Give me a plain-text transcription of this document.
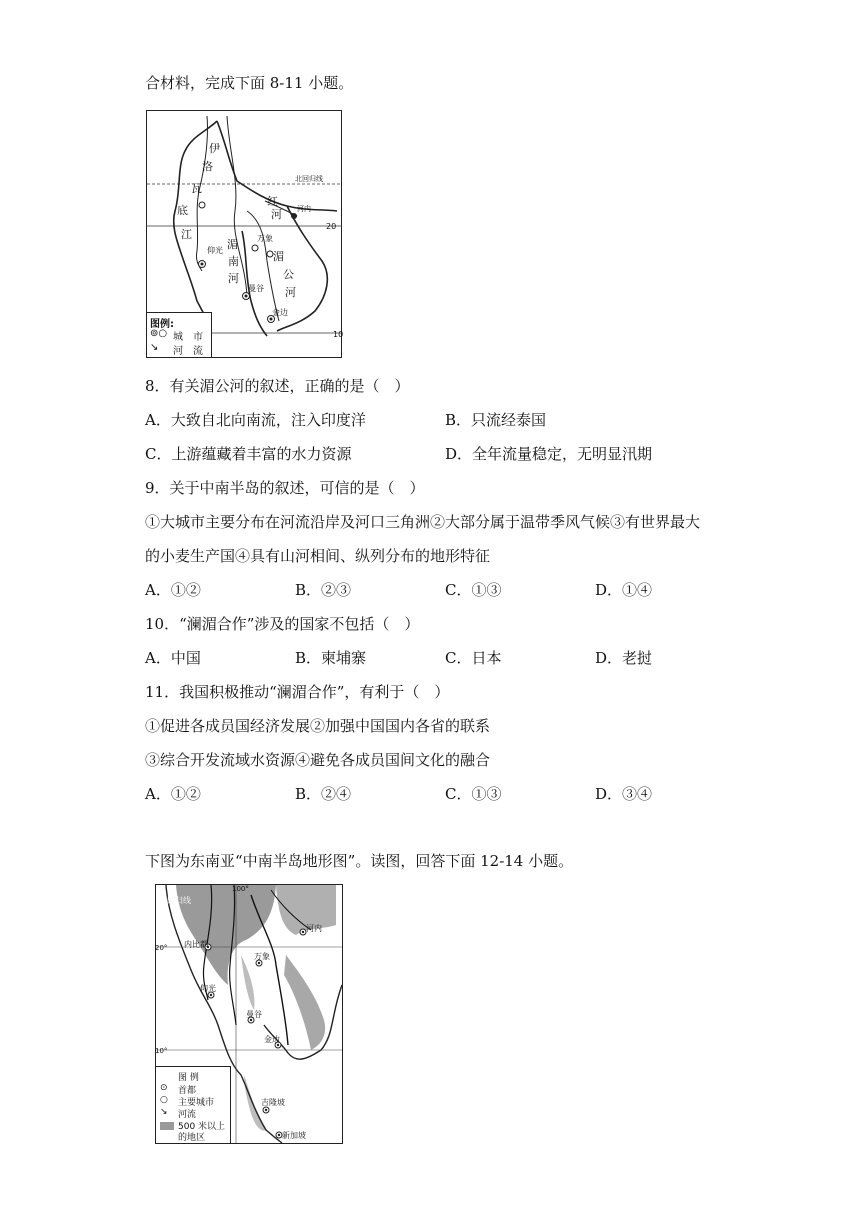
合材料，完成下面 8-11 小题。
伊
洛
瓦
底
江
北回归线
红
河 河内
20
10
仰光
万象
湄
南
河
湄
公
河
曼谷
金边
图例:
⊚○ 城　市
↘ 河　流
8．有关湄公河的叙述，正确的是（　）
A．大致自北向南流，注入印度洋	B．只流经泰国
C．上游蕴藏着丰富的水力资源	D．全年流量稳定，无明显汛期
9．关于中南半岛的叙述，可信的是（　）
①大城市主要分布在河流沿岸及河口三角洲②大部分属于温带季风气候③有世界最大
的小麦生产国④具有山河相间、纵列分布的地形特征
A．①②	B．②③	C．①③	D．①④
10．“澜湄合作”涉及的国家不包括（　）
A．中国	B．柬埔寨	C．日本	D．老挝
11．我国积极推动“澜湄合作”，有利于（　）
①促进各成员国经济发展②加强中国国内各省的联系
③综合开发流域水资源④避免各成员国间文化的融合
A．①②	B．②④	C．①③	D．③④
下图为东南亚“中南半岛地形图”。读图，回答下面 12-14 小题。
100°
20°
10°
北回归线
河内
内比都
万象
仰光
曼谷
金边
吉隆坡
新加坡
图 例
⊙ 首都
○ 主要城市
↘ 河流
500 米以上
的地区
